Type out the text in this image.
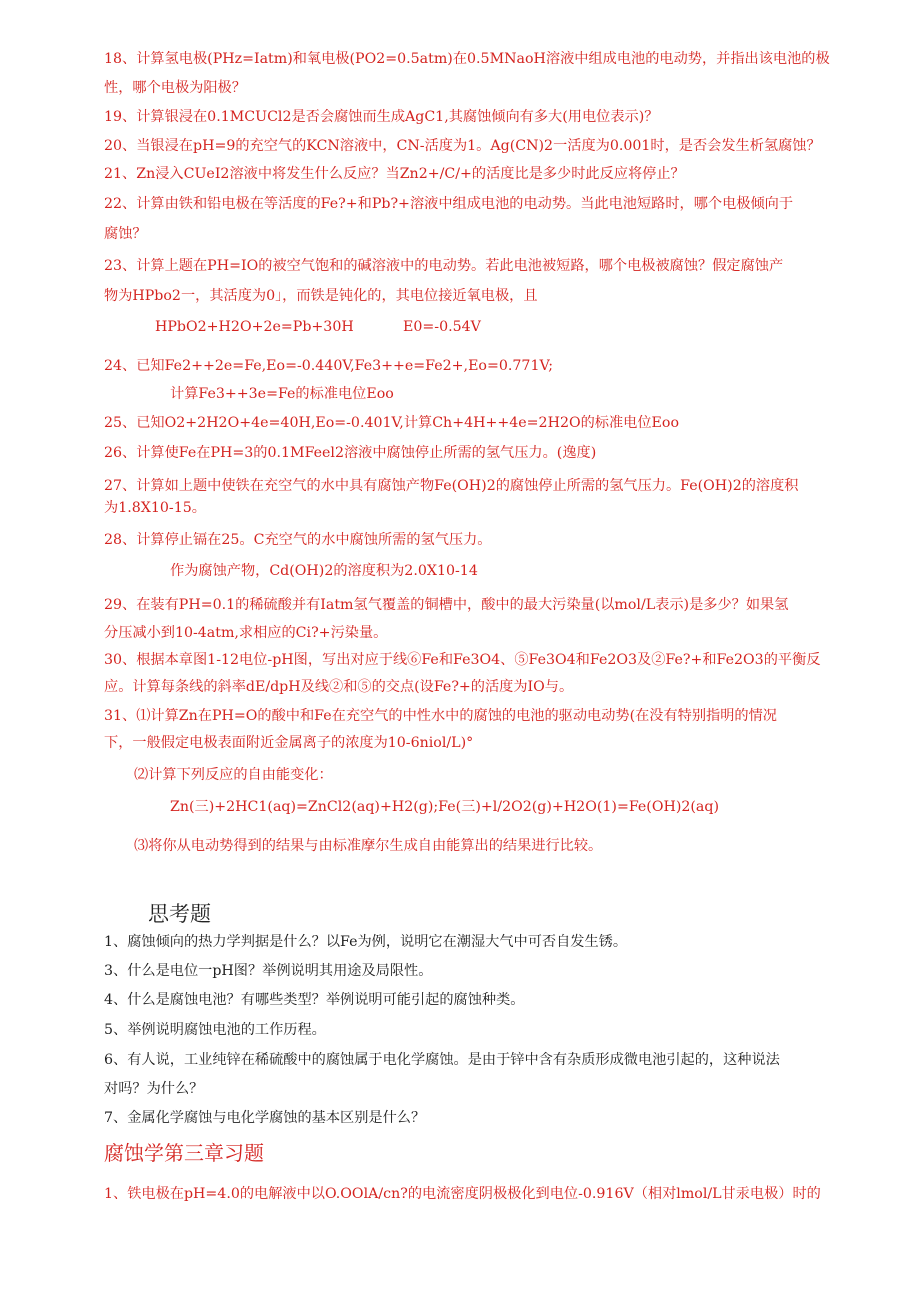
18、计算氢电极(PHz=Iatm)和氧电极(PO2=0.5atm)在0.5MNaoH溶液中组成电池的电动势，并指出该电池的极
性，哪个电极为阳极？
19、计算银浸在0.1MCUCl2是否会腐蚀而生成AgC1,其腐蚀倾向有多大(用电位表示)？
20、当银浸在pH=9的充空气的KCN溶液中，CN-活度为1。Ag(CN)2一活度为0.001时，是否会发生析氢腐蚀？
21、Zn浸入CUeI2溶液中将发生什么反应？当Zn2+/C/+的活度比是多少时此反应将停止？
22、计算由铁和铅电极在等活度的Fe?+和Pb?+溶液中组成电池的电动势。当此电池短路时，哪个电极倾向于
腐蚀？
23、计算上题在PH=IO的被空气饱和的碱溶液中的电动势。若此电池被短路，哪个电极被腐蚀？假定腐蚀产
物为HPbo2一，其活度为0」，而铁是钝化的，其电位接近氧电极，且
HPbO2+H2O+2e=Pb+30H	E0=-0.54V
24、已知Fe2++2e=Fe,Eo=-0.440V,Fe3++e=Fe2+,Eo=0.771V;
计算Fe3++3e=Fe的标准电位Eoo
25、已知O2+2H2O+4e=40H,Eo=-0.401V,计算Ch+4H++4e=2H2O的标准电位Eoo
26、计算使Fe在PH=3的0.1MFeel2溶液中腐蚀停止所需的氢气压力。(逸度)
27、计算如上题中使铁在充空气的水中具有腐蚀产物Fe(OH)2的腐蚀停止所需的氢气压力。Fe(OH)2的溶度积
为1.8X10-15。
28、计算停止镉在25。C充空气的水中腐蚀所需的氢气压力。
作为腐蚀产物，Cd(OH)2的溶度积为2.0X10-14
29、在装有PH=0.1的稀硫酸并有Iatm氢气覆盖的铜槽中，酸中的最大污染量(以mol/L表示)是多少？如果氢
分压减小到10-4atm,求相应的Ci?+污染量。
30、根据本章图1-12电位-pH图，写出对应于线⑥Fe和Fe3O4、⑤Fe3O4和Fe2O3及②Fe?+和Fe2O3的平衡反
应。计算每条线的斜率dE/dpH及线②和⑤的交点(设Fe?+的活度为IO与。
31、⑴计算Zn在PH=O的酸中和Fe在充空气的中性水中的腐蚀的电池的驱动电动势(在没有特别指明的情况
下，一般假定电极表面附近金属离子的浓度为10-6niol/L)°
⑵计算下列反应的自由能变化：
Zn(三)+2HC1(aq)=ZnCl2(aq)+H2(g);Fe(三)+l/2O2(g)+H2O(1)=Fe(OH)2(aq)
⑶将你从电动势得到的结果与由标准摩尔生成自由能算出的结果进行比较。
思考题
1、腐蚀倾向的热力学判据是什么？以Fe为例，说明它在潮湿大气中可否自发生锈。
3、什么是电位一pH图？举例说明其用途及局限性。
4、什么是腐蚀电池？有哪些类型？举例说明可能引起的腐蚀种类。
5、举例说明腐蚀电池的工作历程。
6、有人说，工业纯锌在稀硫酸中的腐蚀属于电化学腐蚀。是由于锌中含有杂质形成微电池引起的，这种说法
对吗？为什么？
7、金属化学腐蚀与电化学腐蚀的基本区别是什么？
腐蚀学第三章习题
1、铁电极在pH=4.0的电解液中以O.OOlA/cn?的电流密度阴极极化到电位-0.916V（相对lmol/L甘汞电极）时的
